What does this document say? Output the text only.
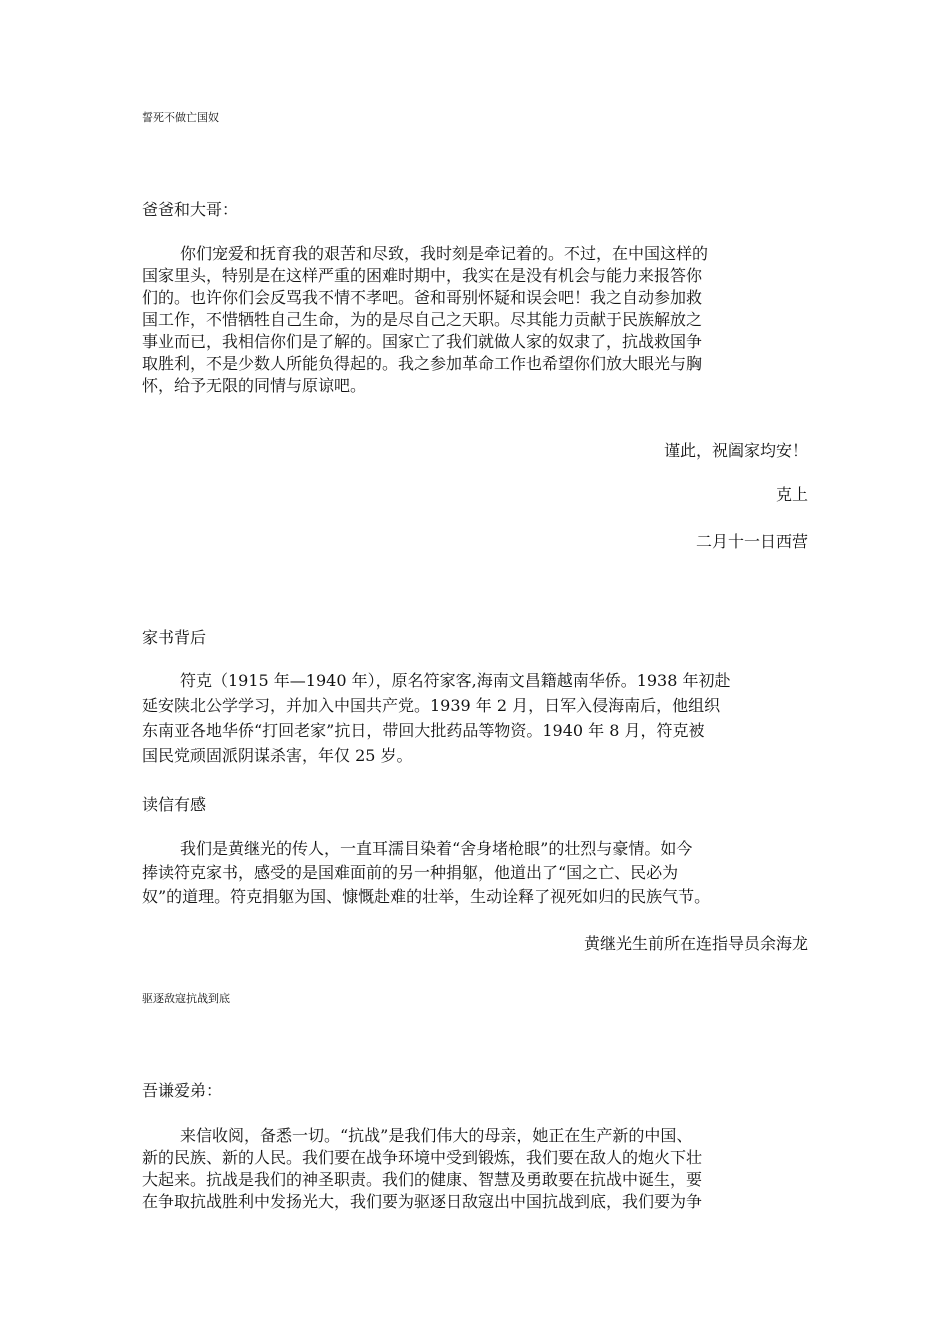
誓死不做亡国奴
爸爸和大哥：
你们宠爱和抚育我的艰苦和尽致，我时刻是牵记着的。不过，在中国这样的
国家里头，特别是在这样严重的困难时期中，我实在是没有机会与能力来报答你
们的。也许你们会反骂我不情不孝吧。爸和哥别怀疑和误会吧！我之自动参加救
国工作，不惜牺牲自己生命，为的是尽自己之天职。尽其能力贡献于民族解放之
事业而已，我相信你们是了解的。国家亡了我们就做人家的奴隶了，抗战救国争
取胜利，不是少数人所能负得起的。我之参加革命工作也希望你们放大眼光与胸
怀，给予无限的同情与原谅吧。
谨此，祝阖家均安！
克上
二月十一日西营
家书背后
符克（1915 年—1940 年），原名符家客,海南文昌籍越南华侨。1938 年初赴
延安陕北公学学习，并加入中国共产党。1939 年 2 月，日军入侵海南后，他组织
东南亚各地华侨“打回老家”抗日，带回大批药品等物资。1940 年 8 月，符克被
国民党顽固派阴谋杀害，年仅 25 岁。
读信有感
我们是黄继光的传人，一直耳濡目染着“舍身堵枪眼”的壮烈与豪情。如今
捧读符克家书，感受的是国难面前的另一种捐躯，他道出了“国之亡、民必为
奴”的道理。符克捐躯为国、慷慨赴难的壮举，生动诠释了视死如归的民族气节。
黄继光生前所在连指导员余海龙
驱逐敌寇抗战到底
吾谦爱弟：
来信收阅，备悉一切。“抗战”是我们伟大的母亲，她正在生产新的中国、
新的民族、新的人民。我们要在战争环境中受到锻炼，我们要在敌人的炮火下壮
大起来。抗战是我们的神圣职责。我们的健康、智慧及勇敢要在抗战中诞生，要
在争取抗战胜利中发扬光大，我们要为驱逐日敌寇出中国抗战到底，我们要为争
